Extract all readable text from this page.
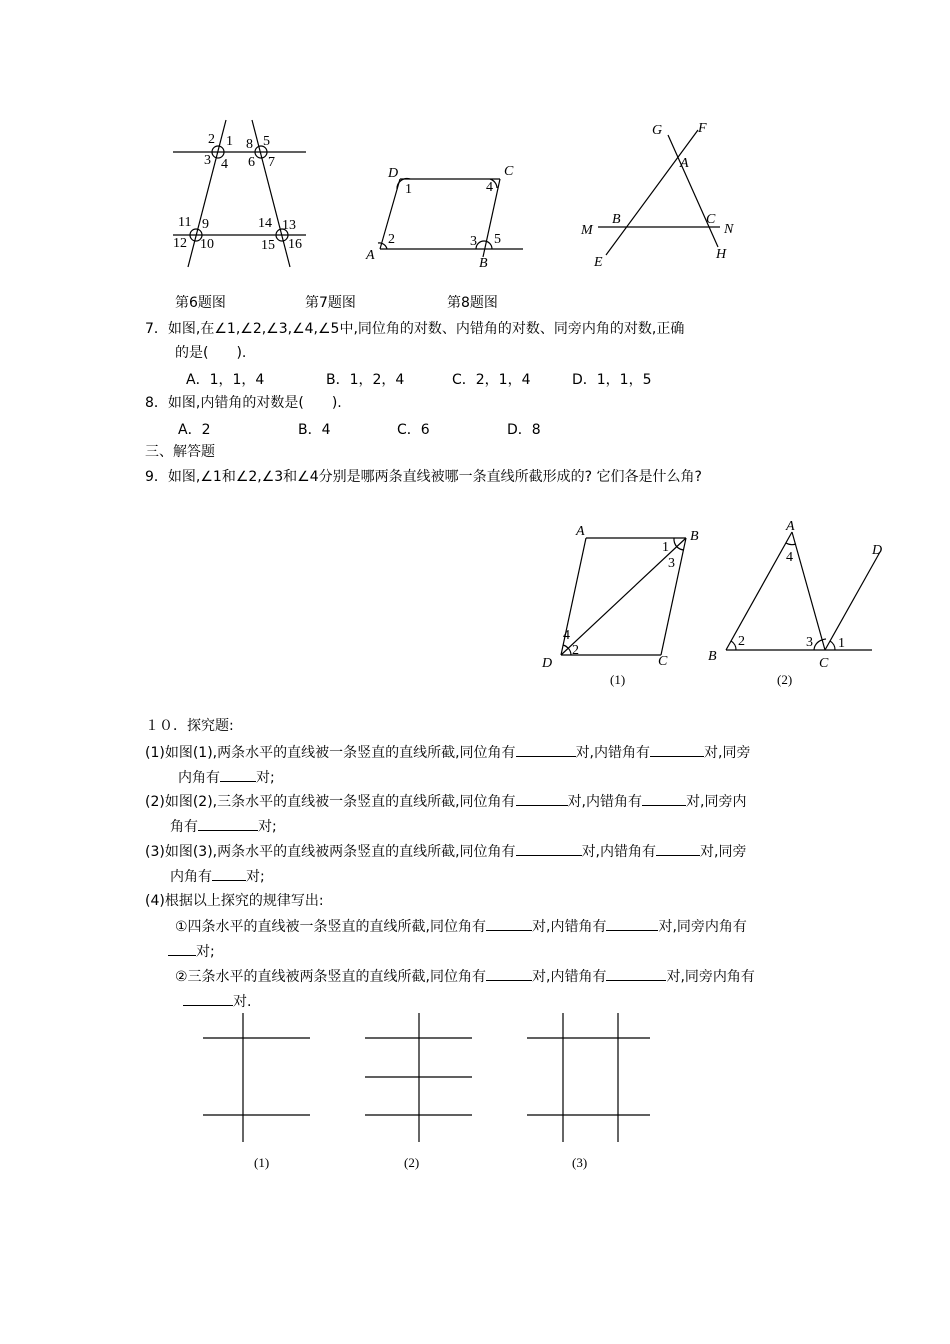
2 1
3 4
8 5
6 7
11 9
12 10
14 13
15 16
D	C
A
B
1	4
2	3 5
G	F
A
M
B	C
N
E
H
第6题图	第7题图	第8题图
7．如图,在∠1,∠2,∠3,∠4,∠5中,同位角的对数、内错角的对数、同旁内角的对数,正确
的是(　　).
A．1，1，4	B．1，2，4	C．2，1，4	D．1，1，5
8．如图,内错角的对数是(　　).
A．2	B．4	C．6	D．8
三、解答题
9．如图,∠1和∠2,∠3和∠4分别是哪两条直线被哪一条直线所截形成的? 它们各是什么角?
A	B
C
D
1
3
4
2
(1)
A
B	C
D
4
2	3 1
(2)
１０．探究题:
(1)如图(1),两条水平的直线被一条竖直的直线所截,同位角有	对,内错角有	对,同旁
内角有	对;
(2)如图(2),三条水平的直线被一条竖直的直线所截,同位角有	对,内错角有	对,同旁内
角有	对;
(3)如图(3),两条水平的直线被两条竖直的直线所截,同位角有	对,内错角有	对,同旁
内角有 对;
(4)根据以上探究的规律写出:
①四条水平的直线被一条竖直的直线所截,同位角有	对,内错角有	对,同旁内角有
对;
②三条水平的直线被两条竖直的直线所截,同位角有	对,内错角有	对,同旁内角有
对.
(1)	(2)	(3)
